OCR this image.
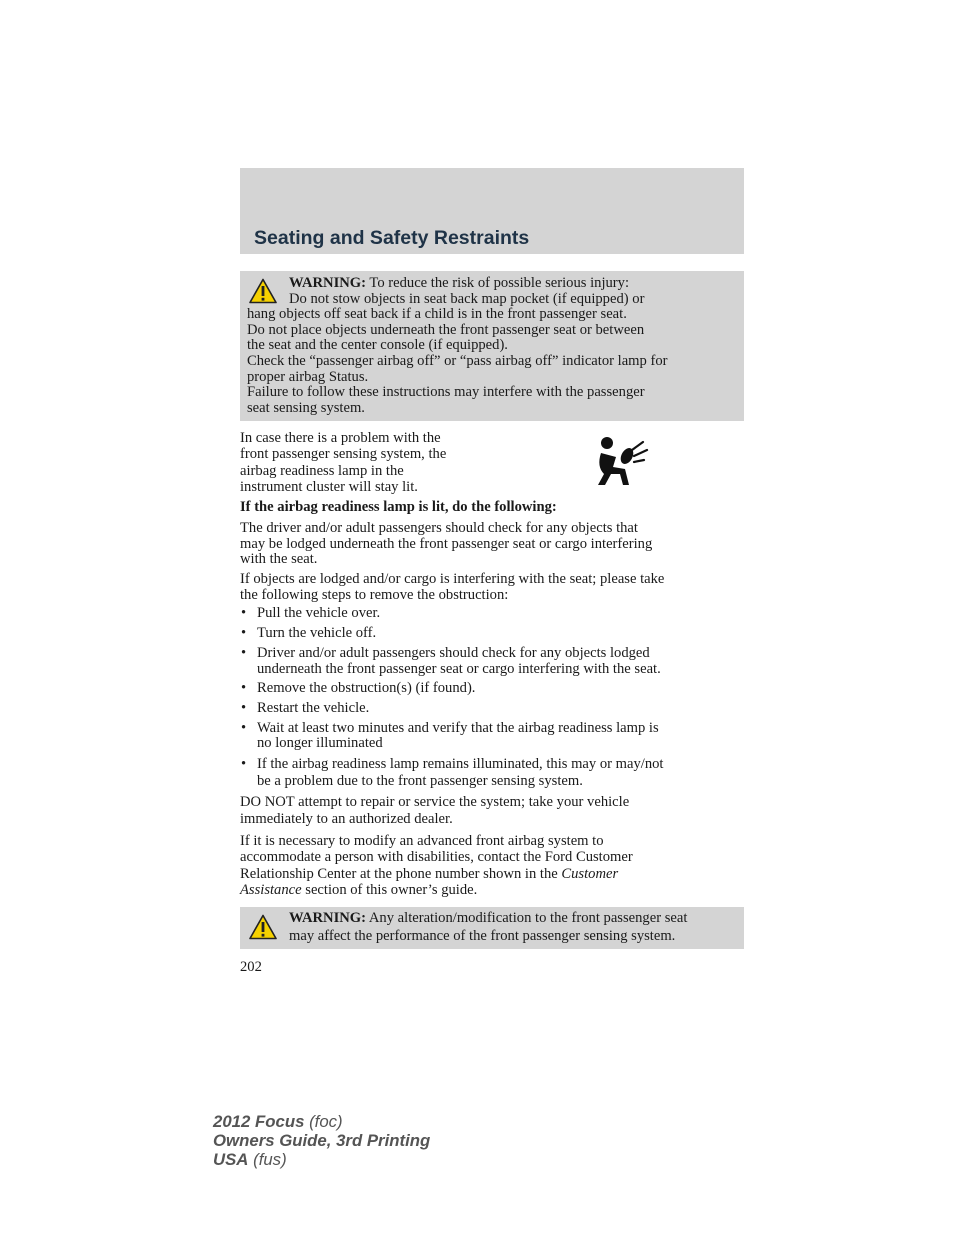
Seating and Safety Restraints
WARNING: To reduce the risk of possible serious injury:
Do not stow objects in seat back map pocket (if equipped) or
hang objects off seat back if a child is in the front passenger seat.
Do not place objects underneath the front passenger seat or between
the seat and the center console (if equipped).
Check the “passenger airbag off” or “pass airbag off” indicator lamp for
proper airbag Status.
Failure to follow these instructions may interfere with the passenger
seat sensing system.
In case there is a problem with the
front passenger sensing system, the
airbag readiness lamp in the
instrument cluster will stay lit.
If the airbag readiness lamp is lit, do the following:
The driver and/or adult passengers should check for any objects that
may be lodged underneath the front passenger seat or cargo interfering
with the seat.
If objects are lodged and/or cargo is interfering with the seat; please take
the following steps to remove the obstruction:
• Pull the vehicle over.
• Turn the vehicle off.
• Driver and/or adult passengers should check for any objects lodged
underneath the front passenger seat or cargo interfering with the seat.
• Remove the obstruction(s) (if found).
• Restart the vehicle.
• Wait at least two minutes and verify that the airbag readiness lamp is
no longer illuminated
• If the airbag readiness lamp remains illuminated, this may or may/not
be a problem due to the front passenger sensing system.
DO NOT attempt to repair or service the system; take your vehicle
immediately to an authorized dealer.
If it is necessary to modify an advanced front airbag system to
accommodate a person with disabilities, contact the Ford Customer
Relationship Center at the phone number shown in the Customer
Assistance section of this owner’s guide.
WARNING: Any alteration/modification to the front passenger seat
may affect the performance of the front passenger sensing system.
202
2012 Focus (foc)
Owners Guide, 3rd Printing
USA (fus)
